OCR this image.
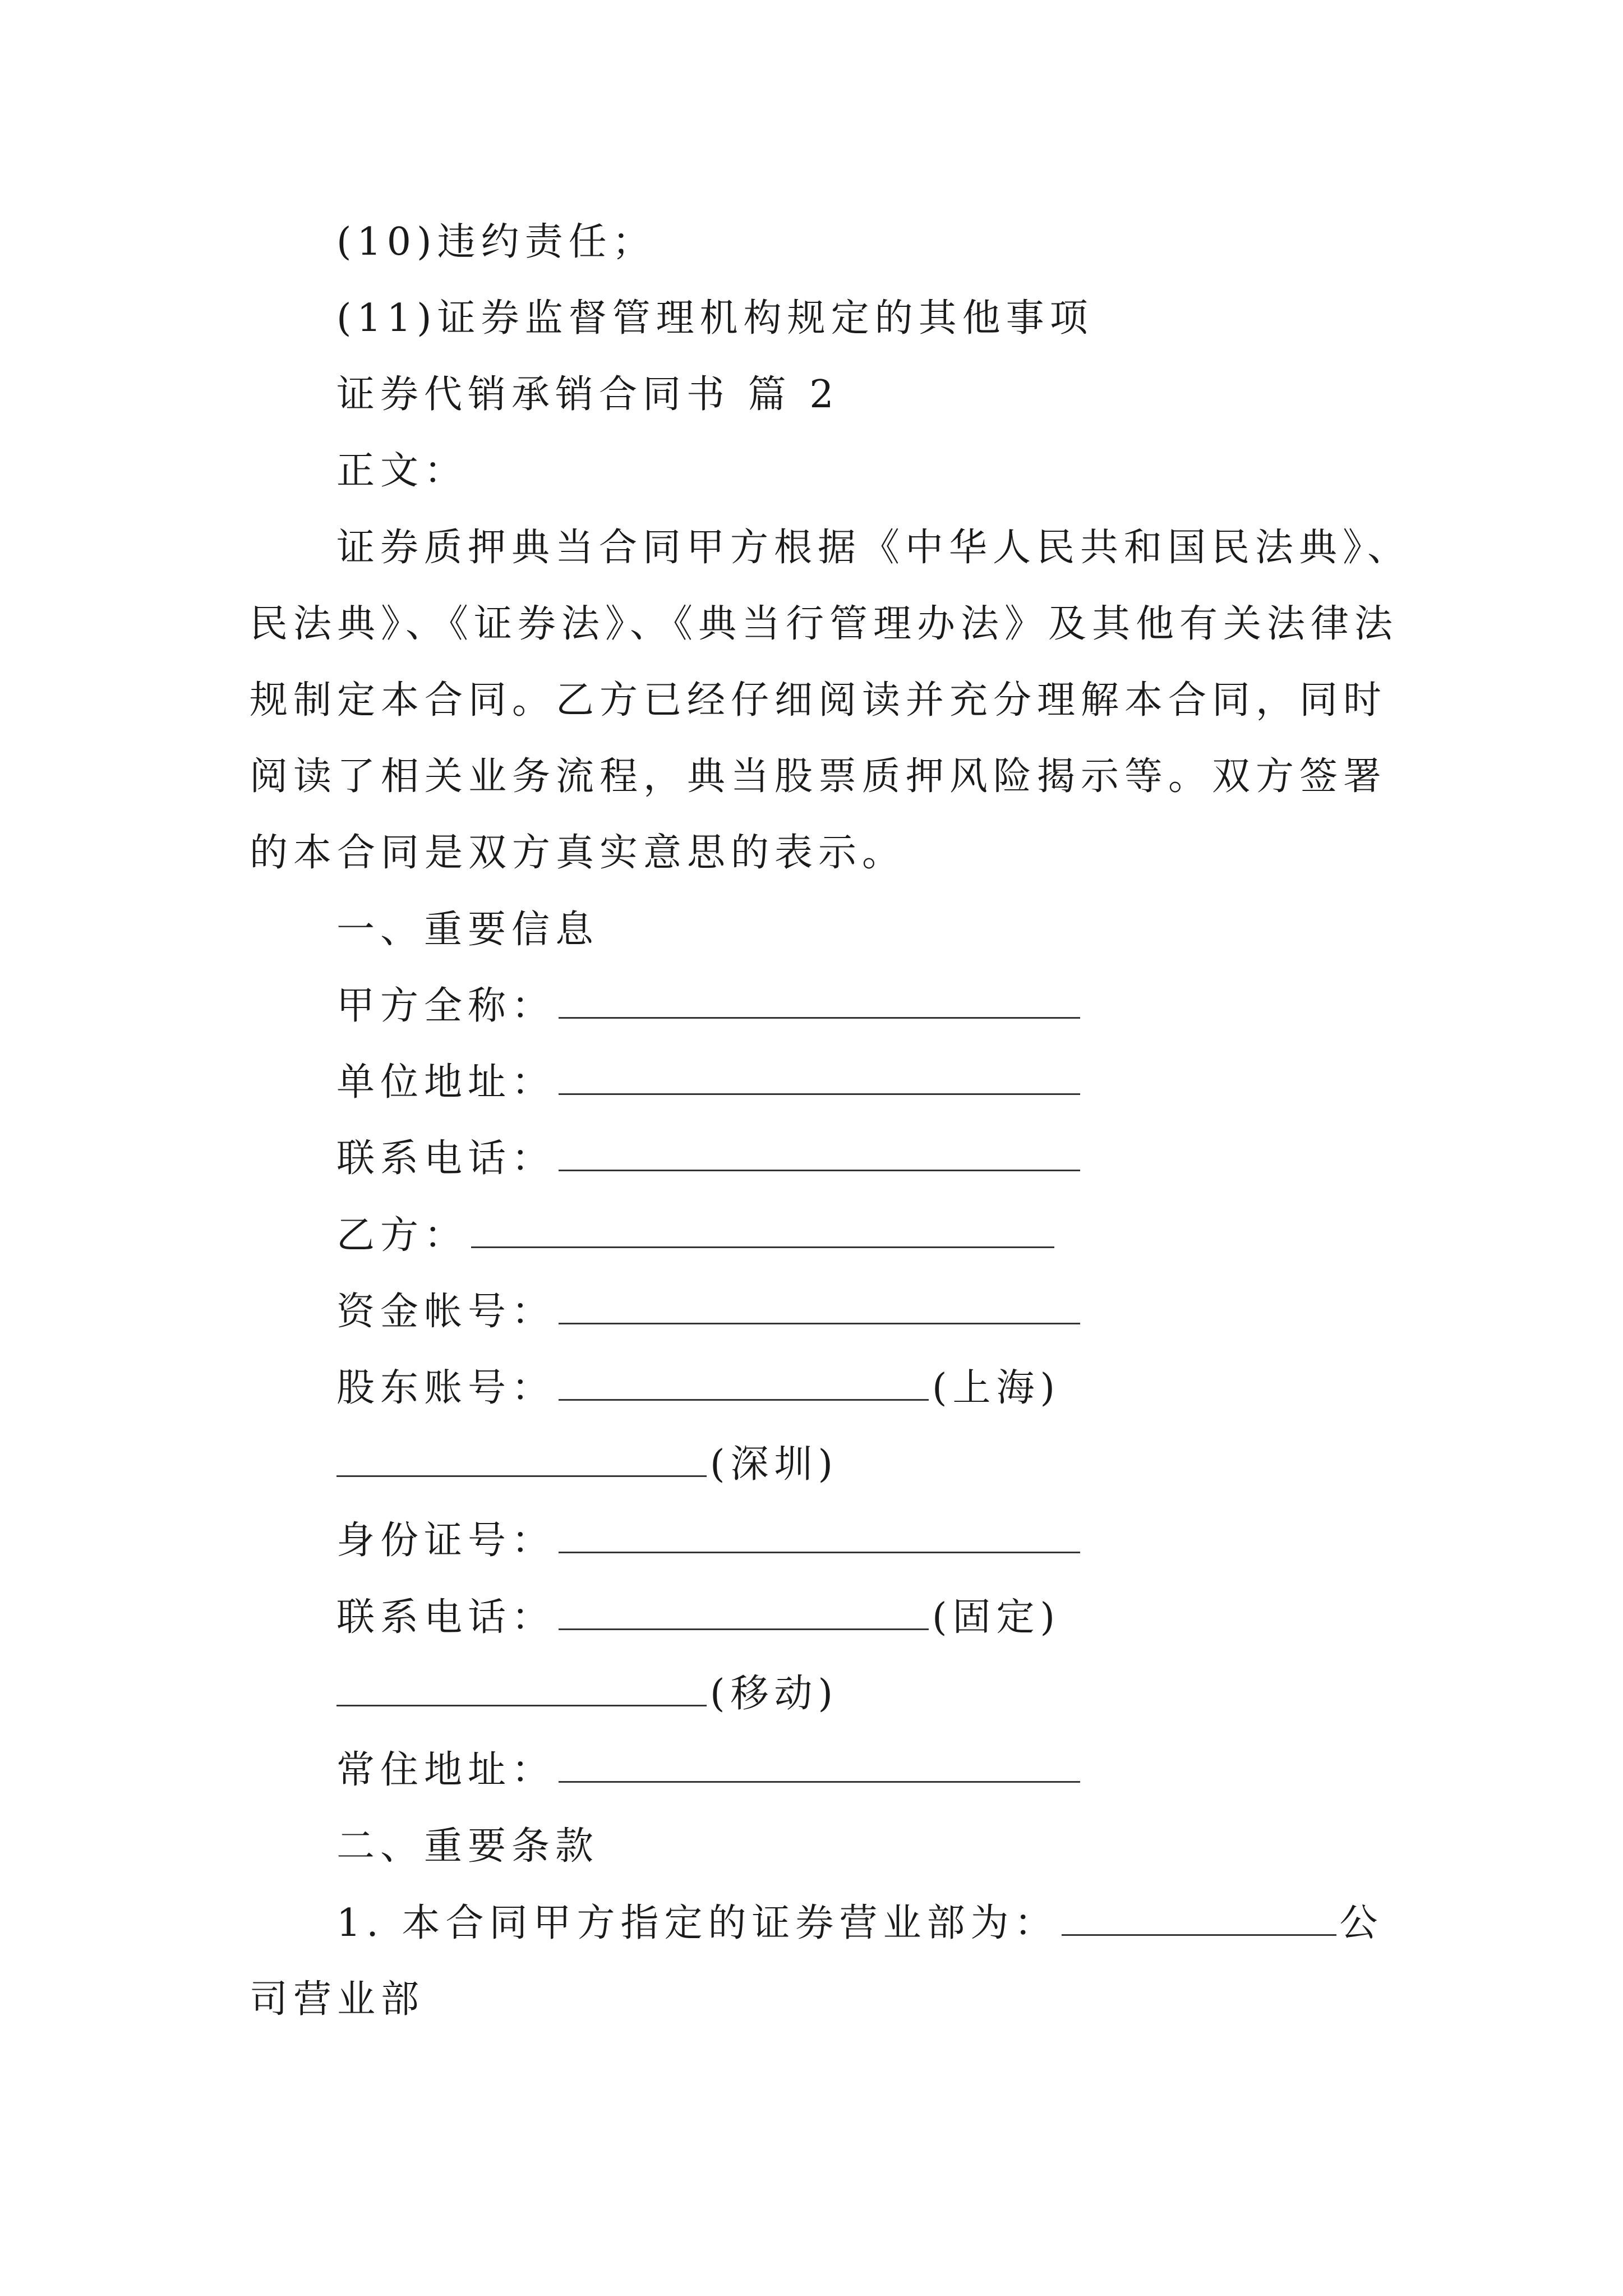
(10)违约责任；
(11)证券监督管理机构规定的其他事项
证券代销承销合同书 篇 2
正文：
证券质押典当合同甲方根据《中华人民共和国民法典》、
民法典》、《证券法》、《典当行管理办法》及其他有关法律法
规制定本合同。乙方已经仔细阅读并充分理解本合同，同时
阅读了相关业务流程，典当股票质押风险揭示等。双方签署
的本合同是双方真实意思的表示。
一、重要信息
甲方全称：
单位地址：
联系电话：
乙方：
资金帐号：
股东账号：	(上海)
(深圳)
身份证号：
联系电话：	(固定)
(移动)
常住地址：
二、重要条款
1. 本合同甲方指定的证券营业部为：	公
司营业部
